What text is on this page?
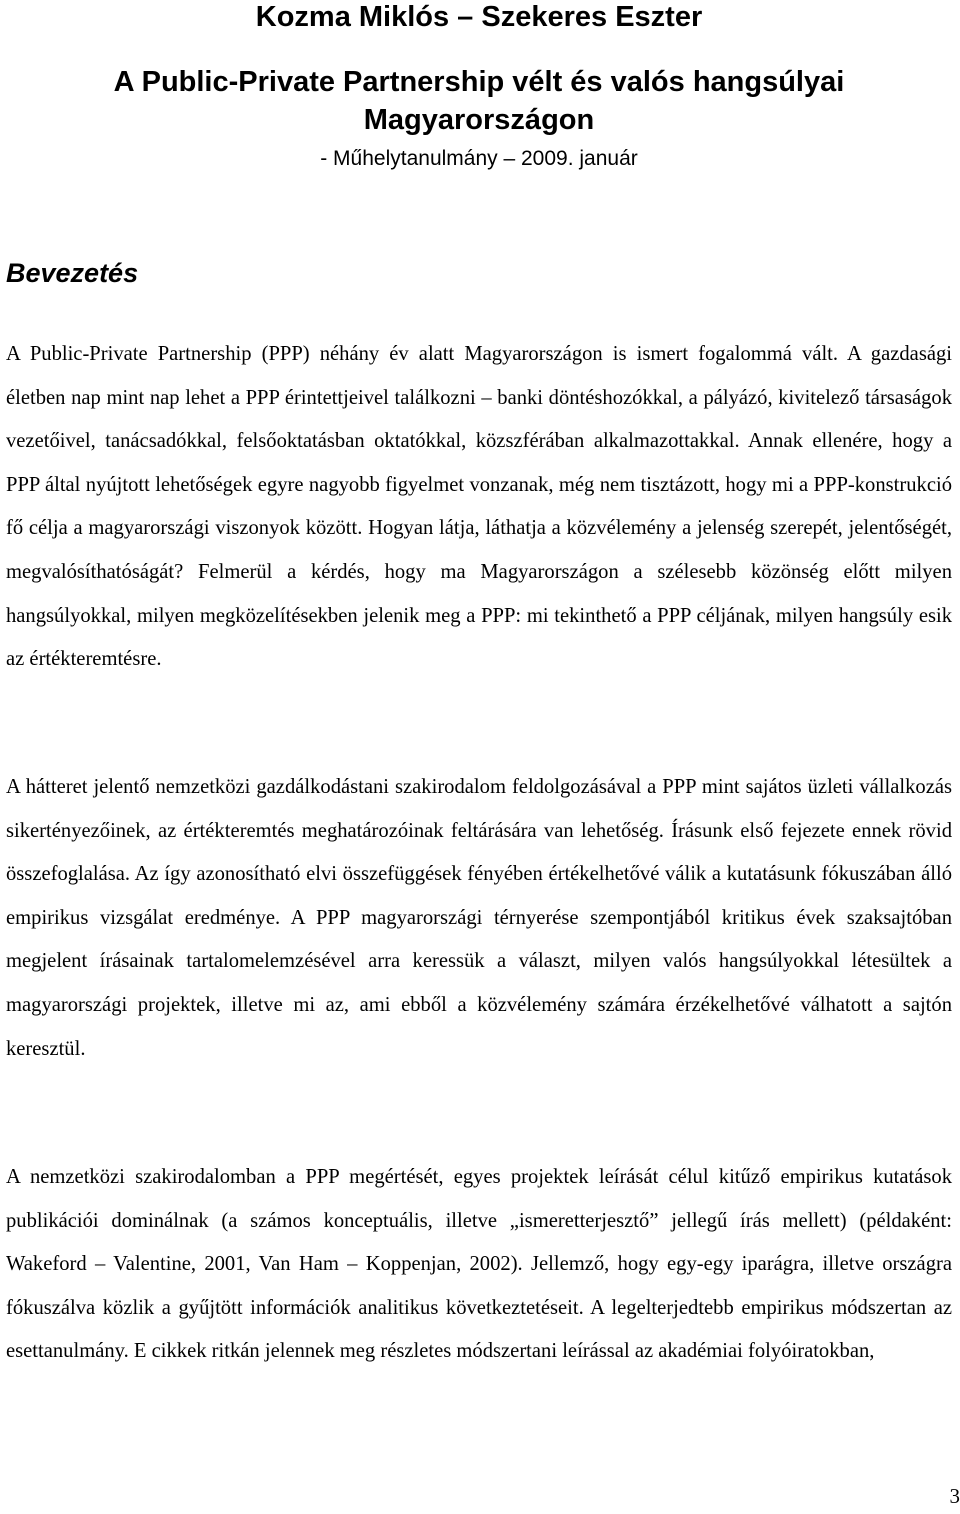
Kozma Miklós – Szekeres Eszter
A Public-Private Partnership vélt és valós hangsúlyai Magyarországon

- Műhelytanulmány – 2009. január

Bevezetés

A Public-Private Partnership (PPP) néhány év alatt Magyarországon is ismert fogalommá vált. A gazdasági életben nap mint nap lehet a PPP érintettjeivel találkozni – banki döntéshozókkal, a pályázó, kivitelező társaságok vezetőivel, tanácsadókkal, felsőoktatásban oktatókkal, közszférában alkalmazottakkal. Annak ellenére, hogy a PPP által nyújtott lehetőségek egyre nagyobb figyelmet vonzanak, még nem tisztázott, hogy mi a PPP-konstrukció fő célja a magyarországi viszonyok között. Hogyan látja, láthatja a közvélemény a jelenség szerepét, jelentőségét, megvalósíthatóságát? Felmerül a kérdés, hogy ma Magyarországon a szélesebb közönség előtt milyen hangsúlyokkal, milyen megközelítésekben jelenik meg a PPP: mi tekinthető a PPP céljának, milyen hangsúly esik az értékteremtésre.

A hátteret jelentő nemzetközi gazdálkodástani szakirodalom feldolgozásával a PPP mint sajátos üzleti vállalkozás sikertényezőinek, az értékteremtés meghatározóinak feltárására van lehetőség. Írásunk első fejezete ennek rövid összefoglalása. Az így azonosítható elvi összefüggések fényében értékelhetővé válik a kutatásunk fókuszában álló empirikus vizsgálat eredménye. A PPP magyarországi térnyerése szempontjából kritikus évek szaksajtóban megjelent írásainak tartalomelemzésével arra keressük a választ, milyen valós hangsúlyokkal létesültek a magyarországi projektek, illetve mi az, ami ebből a közvélemény számára érzékelhetővé válhatott a sajtón keresztül.

A nemzetközi szakirodalomban a PPP megértését, egyes projektek leírását célul kitűző empirikus kutatások publikációi dominálnak (a számos konceptuális, illetve „ismeretterjesztő” jellegű írás mellett) (példaként: Wakeford – Valentine, 2001, Van Ham – Koppenjan, 2002). Jellemző, hogy egy-egy iparágra, illetve országra fókuszálva közlik a gyűjtött információk analitikus következtetéseit. A legelterjedtebb empirikus módszertan az esettanulmány. E cikkek ritkán jelennek meg részletes módszertani leírással az akadémiai folyóiratokban,

3
